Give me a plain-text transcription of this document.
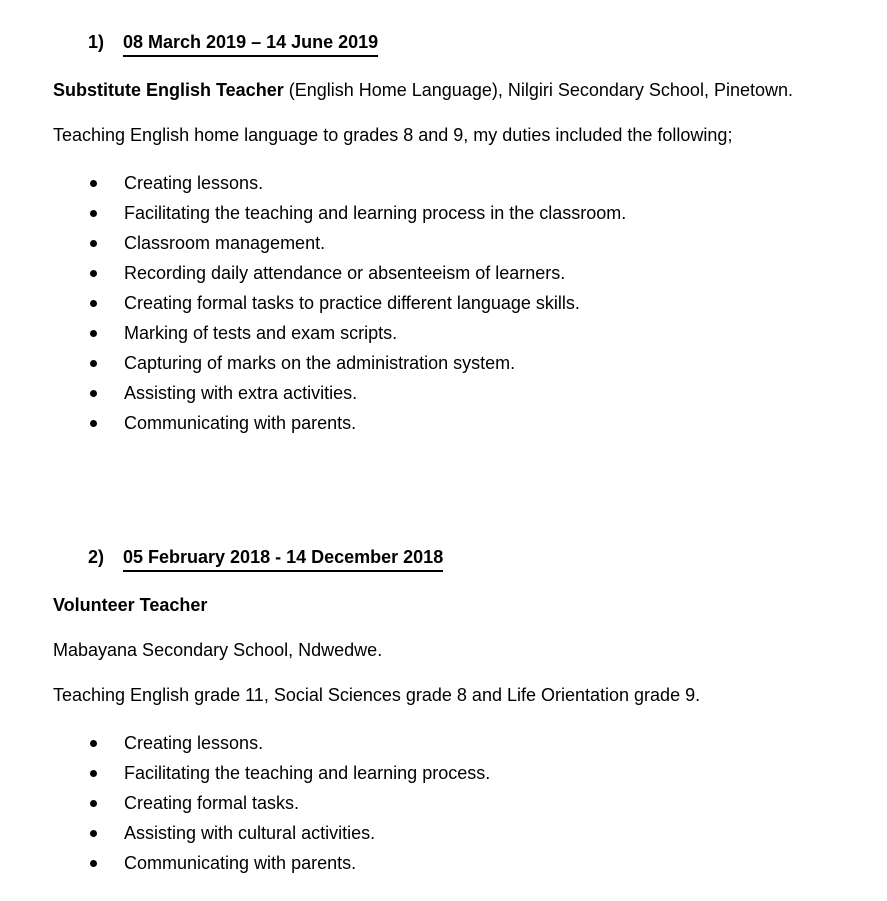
1)	08 March 2019 – 14 June 2019

Substitute English Teacher (English Home Language), Nilgiri Secondary School, Pinetown.

Teaching English home language to grades 8 and 9, my duties included the following;

Creating lessons.
Facilitating the teaching and learning process in the classroom.
Classroom management.
Recording daily attendance or absenteeism of learners.
Creating formal tasks to practice different language skills.
Marking of tests and exam scripts.
Capturing of marks on the administration system.
Assisting with extra activities.
Communicating with parents.
2)	05 February 2018 - 14 December 2018

Volunteer Teacher

Mabayana Secondary School, Ndwedwe.

Teaching English grade 11, Social Sciences grade 8 and Life Orientation grade 9.

Creating lessons.
Facilitating the teaching and learning process.
Creating formal tasks.
Assisting with cultural activities.
Communicating with parents.
